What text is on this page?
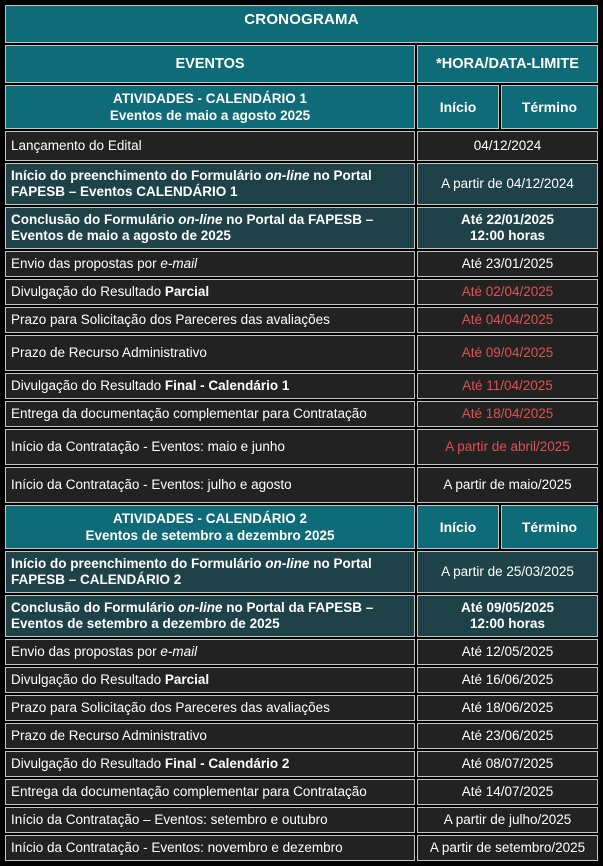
CRONOGRAMA		
EVENTOS	*HORA/DATA-LIMITE	

ATIVIDADES - CALENDÁRIO 1
Eventos de maio a agosto 2025	Início	Término
Lançamento do Edital	04/12/2024	
Início do preenchimento do Formulário on-line no Portal FAPESB – Eventos CALENDÁRIO 1	A partir de 04/12/2024	
Conclusão do Formulário on-line no Portal da FAPESB – Eventos de maio a agosto de 2025	Até 22/01/2025
12:00 horas	
Envio das propostas por e-mail	Até 23/01/2025	
Divulgação do Resultado Parcial	Até 02/04/2025	
Prazo para Solicitação dos Pareceres das avaliações	Até 04/04/2025	
Prazo de Recurso Administrativo	Até 09/04/2025	
Divulgação do Resultado Final - Calendário 1	Até 11/04/2025	
Entrega da documentação complementar para Contratação	Até 18/04/2025	
Início da Contratação - Eventos: maio e junho	A partir de abril/2025	
Início da Contratação - Eventos: julho e agosto	A partir de maio/2025	

ATIVIDADES - CALENDÁRIO 2
Eventos de setembro a dezembro 2025	Início	Término
Início do preenchimento do Formulário on-line no Portal FAPESB – CALENDÁRIO 2	A partir de 25/03/2025	
Conclusão do Formulário on-line no Portal da FAPESB – Eventos de setembro a dezembro de 2025	Até 09/05/2025
12:00 horas	
Envio das propostas por e-mail	Até 12/05/2025	
Divulgação do Resultado Parcial	Até 16/06/2025	
Prazo para Solicitação dos Pareceres das avaliações	Até 18/06/2025	
Prazo de Recurso Administrativo	Até 23/06/2025	
Divulgação do Resultado Final - Calendário 2	Até 08/07/2025	
Entrega da documentação complementar para Contratação	Até 14/07/2025	
Início da Contratação – Eventos: setembro e outubro	A partir de julho/2025	
Início da Contratação - Eventos: novembro e dezembro	A partir de setembro/2025	
